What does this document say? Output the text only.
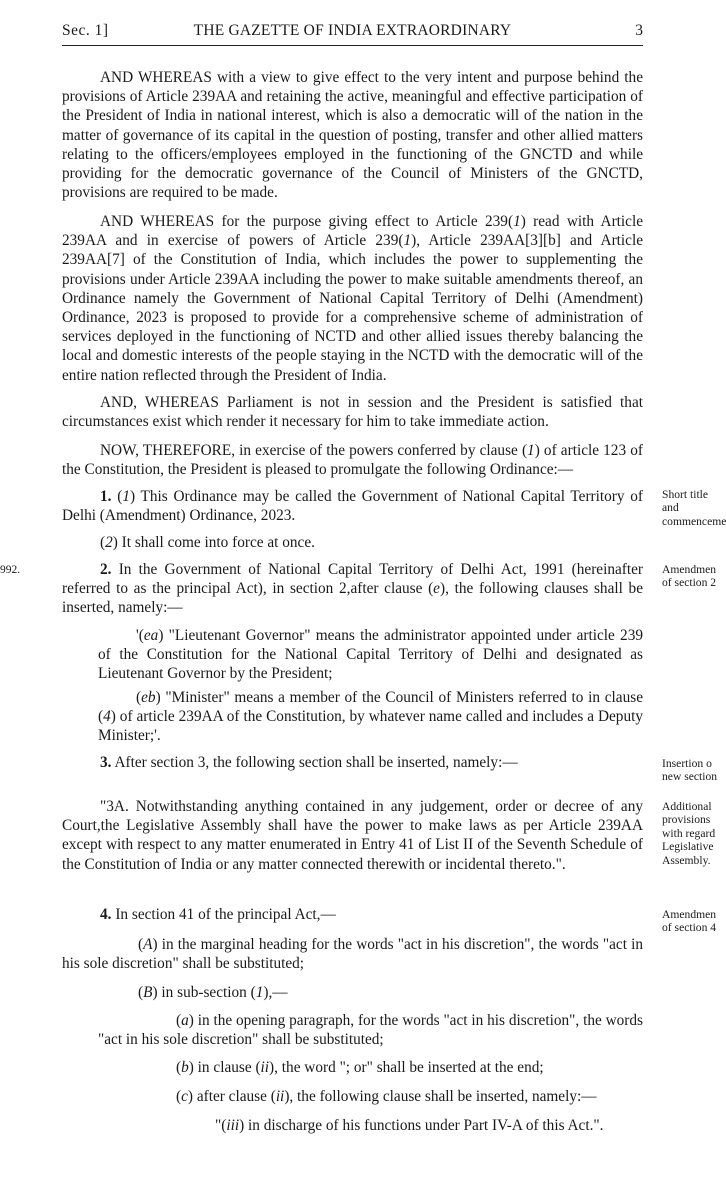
Sec. 1]	THE GAZETTE OF INDIA EXTRAORDINARY	3

AND WHEREAS with a view to give effect to the very intent and purpose behind the provisions of Article 239AA and retaining the active, meaningful and effective participation of the President of India in national interest, which is also a democratic will of the nation in the matter of governance of its capital in the question of posting, transfer and other allied matters relating to the officers/employees employed in the functioning of the GNCTD and while providing for the democratic governance of the Council of Ministers of the GNCTD, provisions are required to be made.

AND WHEREAS for the purpose giving effect to Article 239(1) read with Article 239AA and in exercise of powers of Article 239(1), Article 239AA[3][b] and Article 239AA[7] of the Constitution of India, which includes the power to supplementing the provisions under Article 239AA including the power to make suitable amendments thereof, an Ordinance namely the Government of National Capital Territory of Delhi (Amendment) Ordinance, 2023 is proposed to provide for a comprehensive scheme of administration of services deployed in the functioning of NCTD and other allied issues thereby balancing the local and domestic interests of the people staying in the NCTD with the democratic will of the entire nation reflected through the President of India.

AND, WHEREAS Parliament is not in session and the President is satisfied that circumstances exist which render it necessary for him to take immediate action.

NOW, THEREFORE, in exercise of the powers conferred by clause (1) of article 123 of the Constitution, the President is pleased to promulgate the following Ordinance:—

1. (1) This Ordinance may be called the Government of National Capital Territory of Delhi (Amendment) Ordinance, 2023.

(2) It shall come into force at once.

Short title
and
commenceme
992.	2. In the Government of National Capital Territory of Delhi Act, 1991 (hereinafter referred to as the principal Act), in section 2,after clause (e), the following clauses shall be inserted, namely:—

Amendmen
of section 2

'(ea) "Lieutenant Governor" means the administrator appointed under article 239 of the Constitution for the National Capital Territory of Delhi and designated as Lieutenant Governor by the President;

(eb) "Minister" means a member of the Council of Ministers referred to in clause (4) of article 239AA of the Constitution, by whatever name called and includes a Deputy Minister;'.

3. After section 3, the following section shall be inserted, namely:—	Insertion o
new section

"3A. Notwithstanding anything contained in any judgement, order or decree of any Court,the Legislative Assembly shall have the power to make laws as per Article 239AA except with respect to any matter enumerated in Entry 41 of List II of the Seventh Schedule of the Constitution of India or any matter connected therewith or incidental thereto.".

Additional
provisions
with regard
Legislative
Assembly.

4. In section 41 of the principal Act,—	Amendmen
of section 4

(A) in the marginal heading for the words "act in his discretion", the words "act in his sole discretion" shall be substituted;

(B) in sub-section (1),—

(a) in the opening paragraph, for the words "act in his discretion", the words "act in his sole discretion" shall be substituted;

(b) in clause (ii), the word "; or" shall be inserted at the end;
(c) after clause (ii), the following clause shall be inserted, namely:—
"(iii) in discharge of his functions under Part IV-A of this Act.".
